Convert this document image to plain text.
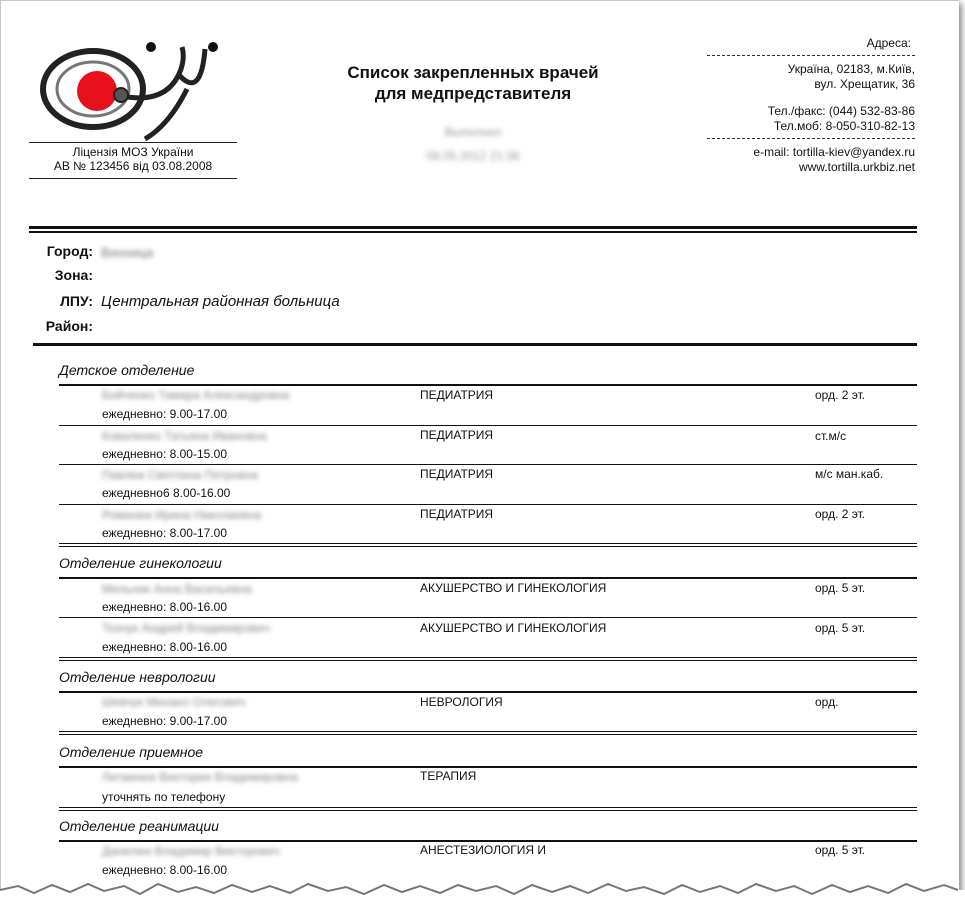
Ліцензія МОЗ України
АВ № 123456 від 03.08.2008
Список закрепленных врачей
для медпредставителя
Выполнил
08.05.2012 21:36
Адреса:
Україна, 02183, м.Київ,
вул. Хрещатик, 36
Тел./факс: (044) 532-83-86
Тел.моб: 8-050-310-82-13
e-mail: tortilla-kiev@yandex.ru
www.tortilla.urkbiz.net
Город: Винница
Зона:
ЛПУ: Центральная районная больница
Район:
Детское отделение
Бойченко Тамара Александровна	ПЕДИАТРИЯ	орд. 2 эт.
ежедневно: 9.00-17.00
Коваленко Татьяна Ивановна	ПЕДИАТРИЯ	ст.м/с
ежедневно: 8.00-15.00
Павлюк Светлана Петровна	ПЕДИАТРИЯ	м/с ман.каб.
ежедневно6 8.00-16.00
Романюк Ирина Николаевна	ПЕДИАТРИЯ	орд. 2 эт.
ежедневно: 8.00-17.00
Отделение гинекологии
Мельник Анна Васильевна	АКУШЕРСТВО И ГИНЕКОЛОГИЯ	орд. 5 эт.
ежедневно: 8.00-16.00
Ткачук Андрей Владимирович	АКУШЕРСТВО И ГИНЕКОЛОГИЯ	орд. 5 эт.
ежедневно: 8.00-16.00
Отделение неврологии
Шевчук Михаил Олегович	НЕВРОЛОГИЯ	орд.
ежедневно: 9.00-17.00
Отделение приемное
Литвинюк Виктория Владимировна	ТЕРАПИЯ
уточнять по телефону
Отделение реанимации
Данилюк Владимир Викторович	АНЕСТЕЗИОЛОГИЯ И	орд. 5 эт.
ежедневно: 8.00-16.00
